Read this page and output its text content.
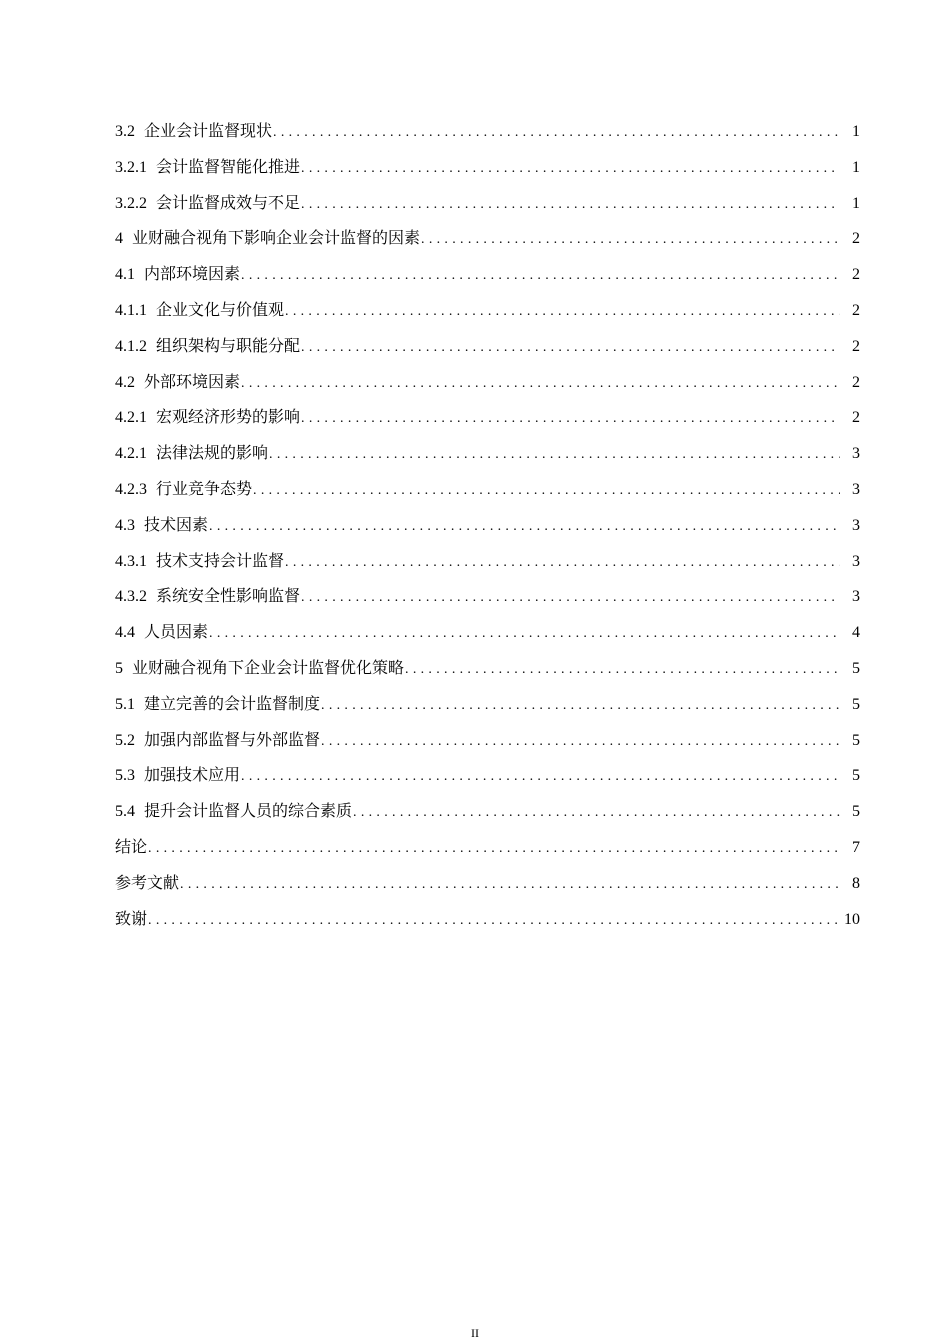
3.2 企业会计监督现状 .....	1
3.2.1 会计监督智能化推进 .....	1
3.2.2 会计监督成效与不足 .....	1
4 业财融合视角下影响企业会计监督的因素 .....	2
4.1 内部环境因素 .....	2
4.1.1 企业文化与价值观 .....	2
4.1.2 组织架构与职能分配 .....	2
4.2 外部环境因素 .....	2
4.2.1 宏观经济形势的影响 .....	2
4.2.1 法律法规的影响 .....	3
4.2.3 行业竞争态势 .....	3
4.3 技术因素 .....	3
4.3.1 技术支持会计监督 .....	3
4.3.2 系统安全性影响监督 .....	3
4.4 人员因素 .....	4
5 业财融合视角下企业会计监督优化策略 .....	5
5.1 建立完善的会计监督制度 .....	5
5.2 加强内部监督与外部监督 .....	5
5.3 加强技术应用 .....	5
5.4 提升会计监督人员的综合素质 .....	5
结论 .....	7
参考文献 .....	8
致谢 .....	10
II
